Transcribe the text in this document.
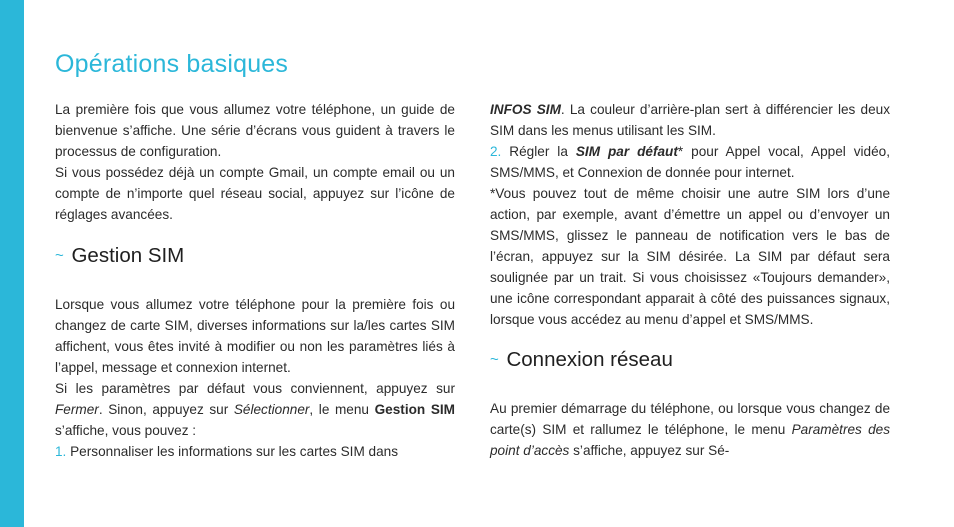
Opérations basiques

La première fois que vous allumez votre téléphone, un guide de bienvenue s’affiche. Une série d’écrans vous guident à travers le processus de configuration.

Si vous possédez déjà un compte Gmail, un compte email ou un compte de n’importe quel réseau social, appuyez sur l’icône de réglages avancées.

~ Gestion SIM

Lorsque vous allumez votre téléphone pour la première fois ou changez de carte SIM, diverses informations sur la/les cartes SIM affichent, vous êtes invité à modifier ou non les paramètres liés à l’appel, message et connexion internet.

Si les paramètres par défaut vous conviennent, appuyez sur Fermer. Sinon, appuyez sur Sélectionner, le menu Gestion SIM s’affiche, vous pouvez :

1. Personnaliser les informations sur les cartes SIM dans

INFOS SIM. La couleur d’arrière-plan sert à différencier les deux SIM dans les menus utilisant les SIM.

2. Régler la SIM par défaut* pour Appel vocal, Appel vidéo, SMS/MMS, et Connexion de donnée pour internet.

*Vous pouvez tout de même choisir une autre SIM lors d’une action, par exemple, avant d’émettre un appel ou d’envoyer un SMS/MMS, glissez le panneau de notification vers le bas de l’écran, appuyez sur la SIM désirée. La SIM par défaut sera soulignée par un trait. Si vous choisissez «Toujours demander», une icône correspondant apparait à côté des puissances signaux, lorsque vous accédez au menu d’appel et SMS/MMS.

~ Connexion réseau

Au premier démarrage du téléphone, ou lorsque vous changez de carte(s) SIM et rallumez le téléphone, le menu Paramètres des point d’accès s’affiche, appuyez sur Sé-
